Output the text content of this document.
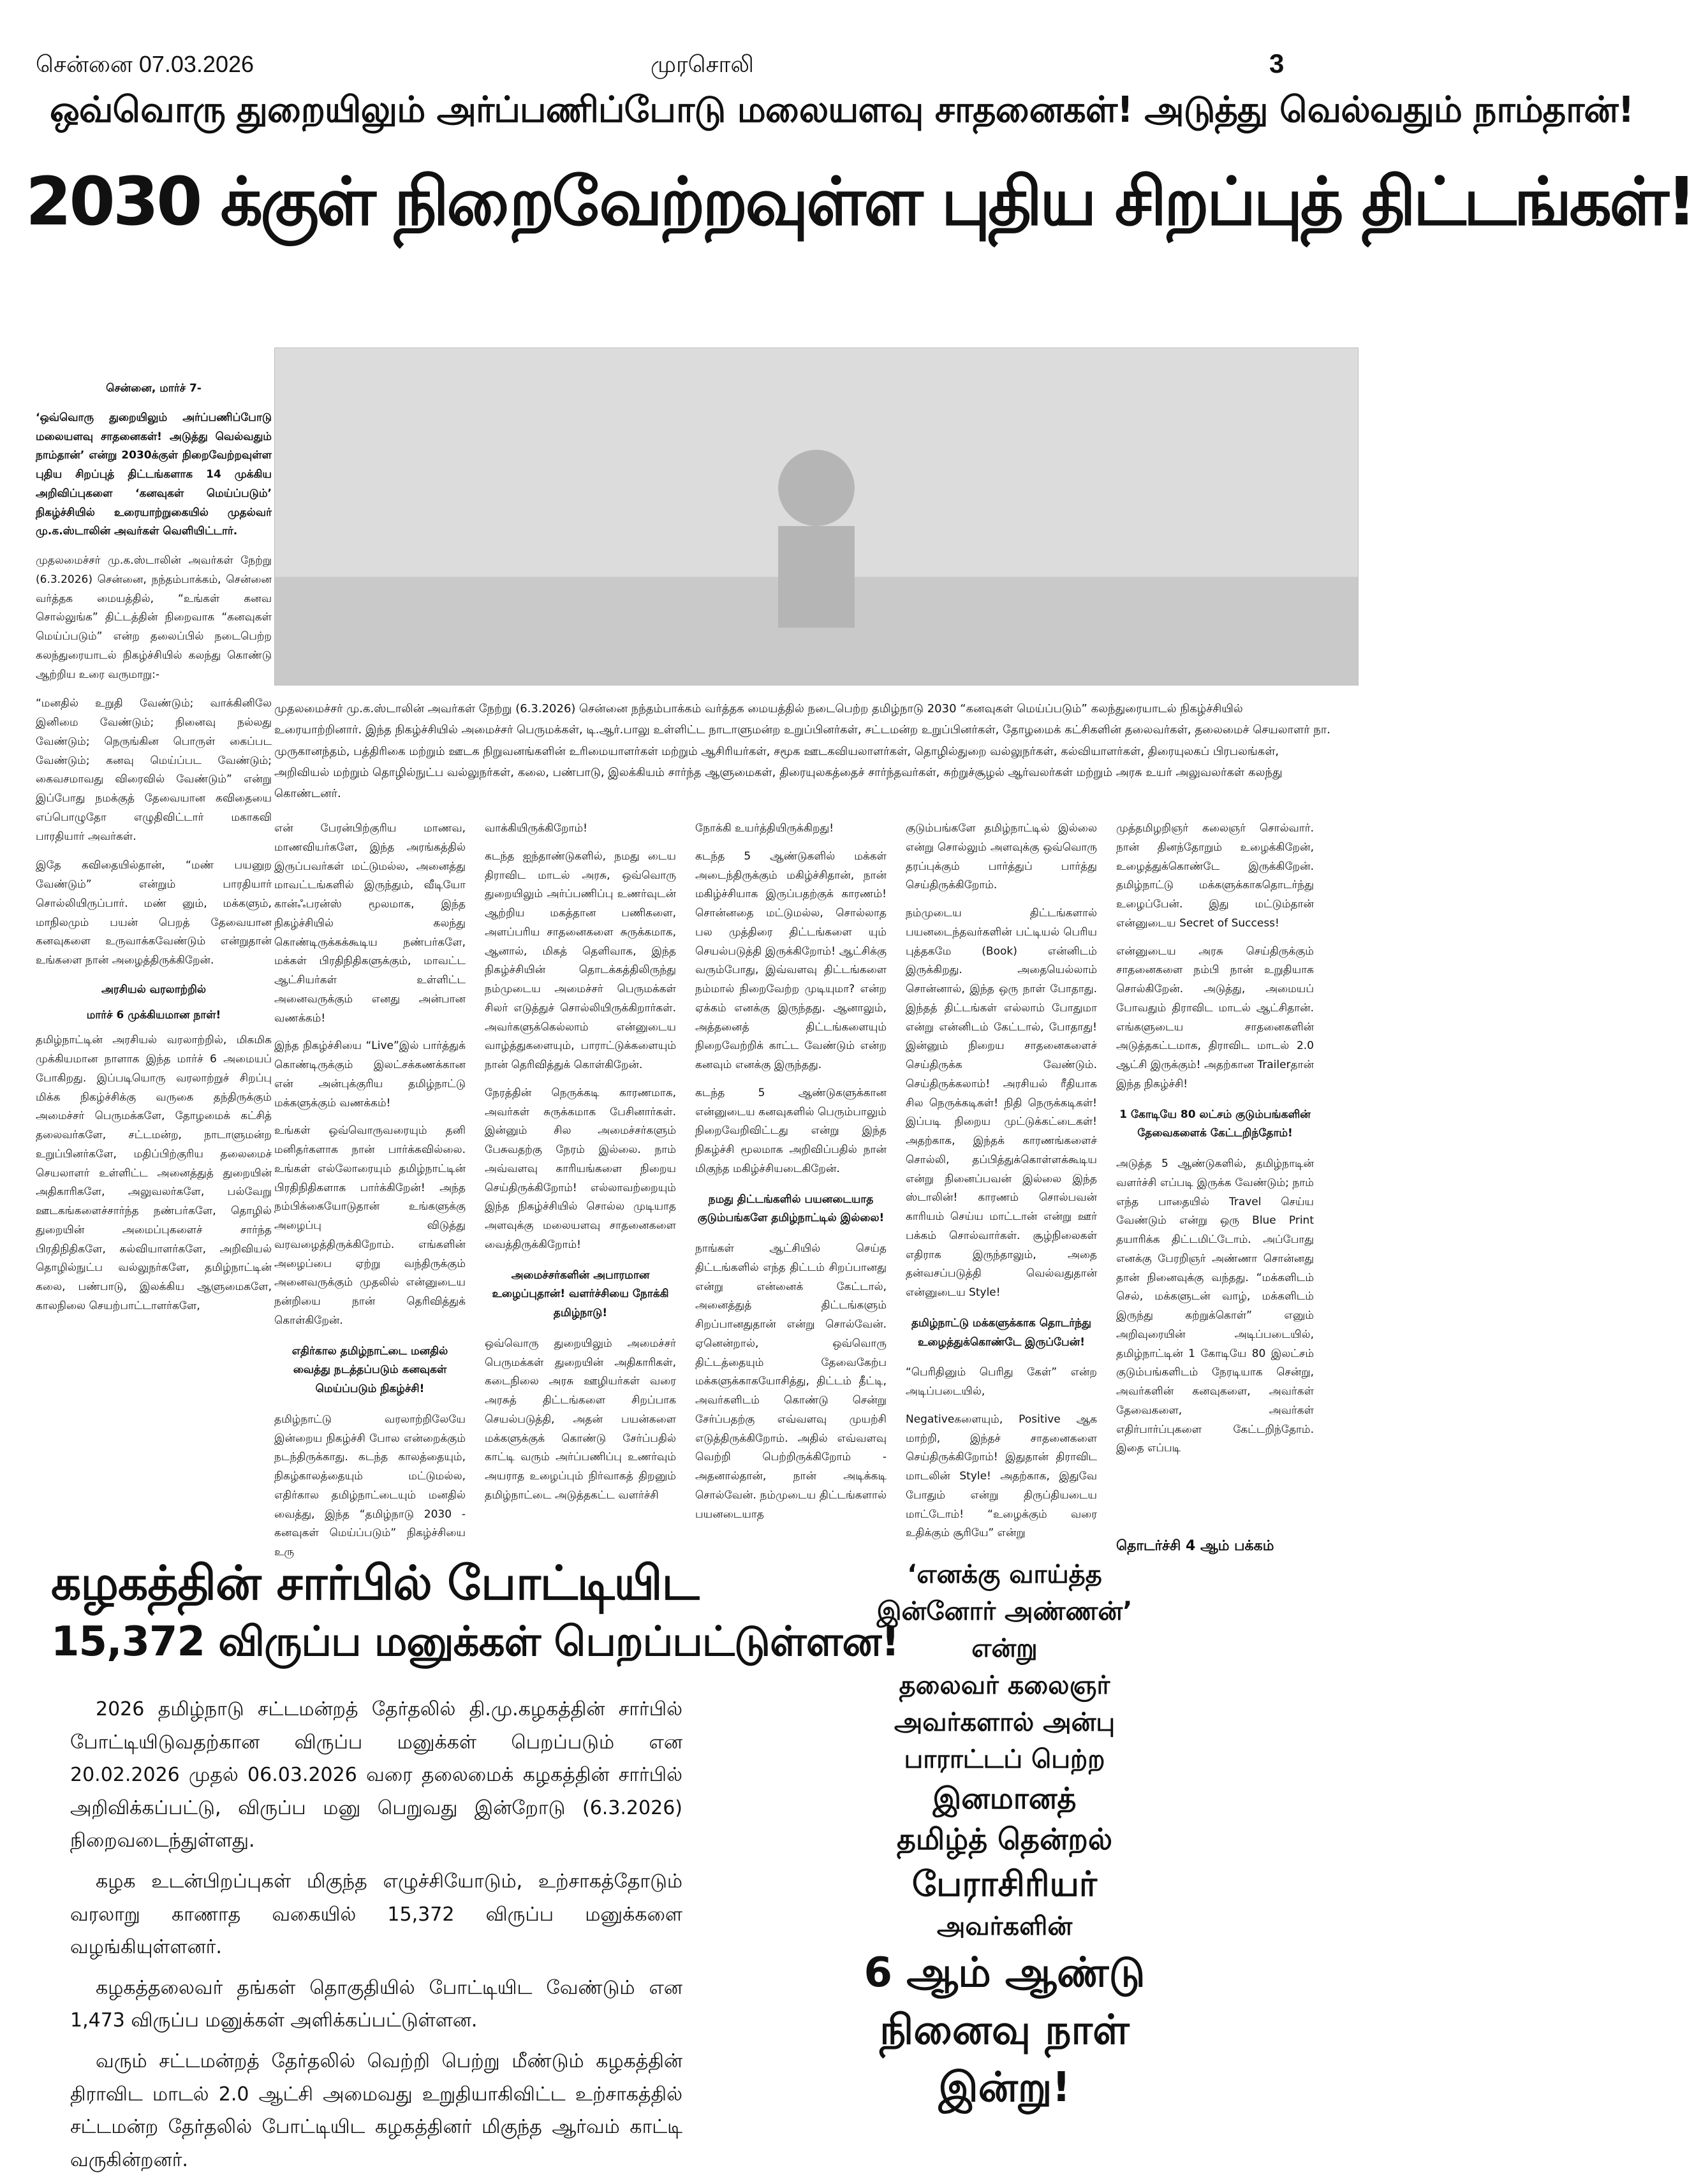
சென்னை 07.03.2026	முரசொலி	3
ஒவ்வொரு துறையிலும் அர்ப்பணிப்போடு மலையளவு சாதனைகள்! அடுத்து வெல்வதும் நாம்தான்!
2030 க்குள் நிறைவேற்றவுள்ள புதிய சிறப்புத் திட்டங்கள்!
சென்னை, மார்ச் 7-
‘ஒவ்வொரு துறையிலும் அர்ப்பணிப்போடு மலையளவு சாதனைகள்! அடுத்து வெல்வதும் நாம்தான்’ என்று 2030க்குள் நிறைவேற்றவுள்ள புதிய சிறப்புத் திட்டங்களாக 14 முக்கிய அறிவிப்புகளை ‘கனவுகள் மெய்ப்படும்’ நிகழ்ச்சியில் உரையாற்றுகையில் முதல்வர் மு.க.ஸ்டாலின் அவர்கள் வெளியிட்டார்.
முதலமைச்சர் மு.க.ஸ்டாலின் அவர்கள் நேற்று (6.3.2026) சென்னை, நந்தம்பாக்கம், சென்னை வர்த்தக மையத்தில், “உங்கள் கனவ சொல்லுங்க” திட்டத்தின் நிறைவாக “கனவுகள் மெய்ப்படும்” என்ற தலைப்பில் நடைபெற்ற கலந்துரையாடல் நிகழ்ச்சியில் கலந்து கொண்டு ஆற்றிய உரை வருமாறு:-
“மனதில் உறுதி வேண்டும்; வாக்கினிலே இனிமை வேண்டும்; நினைவு நல்லது வேண்டும்; நெருங்கின பொருள் கைப்பட வேண்டும்; கனவு மெய்ப்பட வேண்டும்; கைவசமாவது விரைவில் வேண்டும்” என்று இப்போது நமக்குத் தேவையான கவிதையை எப்பொழுதோ எழுதிவிட்டார் மகாகவி பாரதியார் அவர்கள்.
இதே கவிதையில்தான், “மண் பயனுற வேண்டும்” என்றும் பாரதியார் சொல்லியிருப்பார். மண் னும், மக்களும், மாநிலமும் பயன் பெறத் தேவையான கனவுகளை உருவாக்கவேண்டும் என்றுதான் உங்களை நான் அழைத்திருக்கிறேன்.
அரசியல் வரலாற்றில்
மார்ச் 6 முக்கியமான நாள்!
தமிழ்நாட்டின் அரசியல் வரலாற்றில், மிகமிக முக்கியமான நாளாக இந்த மார்ச் 6 அமையப் போகிறது. இப்படியொரு வரலாற்றுச் சிறப்பு மிக்க நிகழ்ச்சிக்கு வருகை தந்திருக்கும் அமைச்சர் பெருமக்களே, தோழமைக் கட்சித் தலைவர்களே, சட்டமன்ற, நாடாளுமன்ற உறுப்பினர்களே, மதிப்பிற்குரிய தலைமைச் செயலாளர் உள்ளிட்ட அனைத்துத் துறையின் அதிகாரிகளே, அலுவலர்களே, பல்வேறு ஊடகங்களைச்சார்ந்த நண்பர்களே, தொழில் துறையின் அமைப்புகளைச் சார்ந்த பிரதிநிதிகளே, கல்வியாளர்களே, அறிவியல் தொழில்நுட்ப வல்லுநர்களே, தமிழ்நாட்டின் கலை, பண்பாடு, இலக்கிய ஆளுமைகளே, காலநிலை செயற்பாட்டாளர்களே,
முதலமைச்சர் மு.க.ஸ்டாலின் அவர்கள் நேற்று (6.3.2026) சென்னை நந்தம்பாக்கம் வர்த்தக மையத்தில் நடைபெற்ற தமிழ்நாடு 2030 “கனவுகள் மெய்ப்படும்” கலந்துரையாடல் நிகழ்ச்சியில் உரையாற்றினார். இந்த நிகழ்ச்சியில் அமைச்சர் பெருமக்கள், டி.ஆர்.பாலு உள்ளிட்ட நாடாளுமன்ற உறுப்பினர்கள், சட்டமன்ற உறுப்பினர்கள், தோழமைக் கட்சிகளின் தலைவர்கள், தலைமைச் செயலாளர் நா. முருகானந்தம், பத்திரிகை மற்றும் ஊடக நிறுவனங்களின் உரிமையாளர்கள் மற்றும் ஆசிரியர்கள், சமூக ஊடகவியலாளர்கள், தொழில்துறை வல்லுநர்கள், கல்வியாளர்கள், திரையுலகப் பிரபலங்கள், அறிவியல் மற்றும் தொழில்நுட்ப வல்லுநர்கள், கலை, பண்பாடு, இலக்கியம் சார்ந்த ஆளுமைகள், திரையுலகத்தைச் சார்ந்தவர்கள், சுற்றுச்சூழல் ஆர்வலர்கள் மற்றும் அரசு உயர் அலுவலர்கள் கலந்து கொண்டனர்.
என் பேரன்பிற்குரிய மாணவ, மாணவியர்களே, இந்த அரங்கத்தில் இருப்பவர்கள் மட்டுமல்ல, அனைத்து மாவட்டங்களில் இருந்தும், வீடியோ கான்ஃபரன்ஸ் மூலமாக, இந்த நிகழ்ச்சியில் கலந்து கொண்டிருக்கக்கூடிய நண்பர்களே, மக்கள் பிரதிநிதிகளுக்கும், மாவட்ட ஆட்சியர்கள் உள்ளிட்ட அனைவருக்கும் எனது அன்பான வணக்கம்!
இந்த நிகழ்ச்சியை “Live”இல் பார்த்துக் கொண்டிருக்கும் இலட்சக்கணக்கான என் அன்புக்குரிய தமிழ்நாட்டு மக்களுக்கும் வணக்கம்!
உங்கள் ஒவ்வொருவரையும் தனி மனிதர்களாக நான் பார்க்கவில்லை. உங்கள் எல்லோரையும் தமிழ்நாட்டின் பிரதிநிதிகளாக பார்க்கிறேன்! அந்த நம்பிக்கையோடுதான் உங்களுக்கு அழைப்பு விடுத்து வரவழைத்திருக்கிறோம். எங்களின் அழைப்பை ஏற்று வந்திருக்கும் அனைவருக்கும் முதலில் என்னுடைய நன்றியை நான் தெரிவித்துக் கொள்கிறேன்.
எதிர்கால தமிழ்நாட்டை மனதில் வைத்து நடத்தப்படும் கனவுகள் மெய்ப்படும் நிகழ்ச்சி!
தமிழ்நாட்டு வரலாற்றிலேயே இன்றைய நிகழ்ச்சி போல என்றைக்கும் நடந்திருக்காது. கடந்த காலத்தையும், நிகழ்காலத்தையும் மட்டுமல்ல, எதிர்கால தமிழ்நாட்டையும் மனதில் வைத்து, இந்த “தமிழ்நாடு 2030 - கனவுகள் மெய்ப்படும்” நிகழ்ச்சியை உரு
வாக்கியிருக்கிறோம்!
கடந்த ஐந்தாண்டுகளில், நமது டைய திராவிட மாடல் அரசு, ஒவ்வொரு துறையிலும் அர்ப்பணிப்பு உணர்வுடன் ஆற்றிய மகத்தான பணிகளை, அளப்பரிய சாதனைகளை சுருக்கமாக, ஆனால், மிகத் தெளிவாக, இந்த நிகழ்ச்சியின் தொடக்கத்திலிருந்து நம்முடைய அமைச்சர் பெருமக்கள் சிலர் எடுத்துச் சொல்லியிருக்கிறார்கள். அவர்களுக்கெல்லாம் என்னுடைய வாழ்த்துகளையும், பாராட்டுக்களையும் நான் தெரிவித்துக் கொள்கிறேன்.
நேரத்தின் நெருக்கடி காரணமாக, அவர்கள் சுருக்கமாக பேசினார்கள். இன்னும் சில அமைச்சர்களும் பேசுவதற்கு நேரம் இல்லை. நாம் அவ்வளவு காரியங்களை நிறைய செய்திருக்கிறோம்! எல்லாவற்றையும் இந்த நிகழ்ச்சியில் சொல்ல முடியாத அளவுக்கு மலையளவு சாதனைகளை வைத்திருக்கிறோம்!
அமைச்சர்களின் அபாரமான உழைப்புதான்! வளர்ச்சியை நோக்கி தமிழ்நாடு!
ஒவ்வொரு துறையிலும் அமைச்சர் பெருமக்கள் துறையின் அதிகாரிகள், கடைநிலை அரசு ஊழியர்கள் வரை அரசுத் திட்டங்களை சிறப்பாக செயல்படுத்தி, அதன் பயன்களை மக்களுக்குக் கொண்டு சேர்ப்பதில் காட்டி வரும் அர்ப்பணிப்பு உணர்வும் அயராத உழைப்பும் நிர்வாகத் திறனும் தமிழ்நாட்டை அடுத்தகட்ட வளர்ச்சி
நோக்கி உயர்த்தியிருக்கிறது!
கடந்த 5 ஆண்டுகளில் மக்கள் அடைந்திருக்கும் மகிழ்ச்சிதான், நான் மகிழ்ச்சியாக இருப்பதற்குக் காரணம்! சொன்னதை மட்டுமல்ல, சொல்லாத பல முத்திரை திட்டங்களை யும் செயல்படுத்தி இருக்கிறோம்! ஆட்சிக்கு வரும்போது, இவ்வளவு திட்டங்களை நம்மால் நிறைவேற்ற முடியுமா? என்ற ஏக்கம் எனக்கு இருந்தது. ஆனாலும், அத்தனைத் திட்டங்களையும் நிறைவேற்றிக் காட்ட வேண்டும் என்ற கனவும் எனக்கு இருந்தது.
கடந்த 5 ஆண்டுகளுக்கான என்னுடைய கனவுகளில் பெரும்பாலும் நிறைவேறிவிட்டது என்று இந்த நிகழ்ச்சி மூலமாக அறிவிப்பதில் நான் மிகுந்த மகிழ்ச்சியடைகிறேன்.
நமது திட்டங்களில் பயனடையாத குடும்பங்களே தமிழ்நாட்டில் இல்லை!
நாங்கள் ஆட்சியில் செய்த திட்டங்களில் எந்த திட்டம் சிறப்பானது என்று என்னைக் கேட்டால், அனைத்துத் திட்டங்களும் சிறப்பானதுதான் என்று சொல்வேன். ஏனென்றால், ஒவ்வொரு திட்டத்தையும் தேவைகேற்ப மக்களுக்காகயோசித்து, திட்டம் தீட்டி, அவர்களிடம் கொண்டு சென்று சேர்ப்பதற்கு எவ்வளவு முயற்சி எடுத்திருக்கிறோம். அதில் எவ்வளவு வெற்றி பெற்றிருக்கிறோம் - அதனால்தான், நான் அடிக்கடி சொல்வேன். நம்முடைய திட்டங்களால் பயனடையாத
குடும்பங்களே தமிழ்நாட்டில் இல்லை என்று சொல்லும் அளவுக்கு ஒவ்வொரு தரப்புக்கும் பார்த்துப் பார்த்து செய்திருக்கிறோம்.
நம்முடைய திட்டங்களால் பயனடைந்தவர்களின் பட்டியல் பெரிய புத்தகமே (Book) என்னிடம் இருக்கிறது. அதையெல்லாம் சொன்னால், இந்த ஒரு நாள் போதாது. இந்தத் திட்டங்கள் எல்லாம் போதுமா என்று என்னிடம் கேட்டால், போதாது! இன்னும் நிறைய சாதனைகளைச் செய்திருக்க வேண்டும். செய்திருக்கலாம்! அரசியல் ரீதியாக சில நெருக்கடிகள்! நிதி நெருக்கடிகள்! இப்படி நிறைய முட்டுக்கட்டைகள்! அதற்காக, இந்தக் காரணங்களைச் சொல்லி, தப்பித்துக்கொள்ளக்கூடிய என்று நினைப்பவன் இல்லை இந்த ஸ்டாலின்! காரணம் சொல்பவன் காரியம் செய்ய மாட்டான் என்று ஊர் பக்கம் சொல்வார்கள். சூழ்நிலைகள் எதிராக இருந்தாலும், அதை தன்வசப்படுத்தி வெல்வதுதான் என்னுடைய Style!
தமிழ்நாட்டு மக்களுக்காக தொடர்ந்து உழைத்துக்கொண்டே இருப்பேன்!
“பெரிதினும் பெரிது கேள்” என்ற அடிப்படையில்,
Negativeகளையும், Positive ஆக மாற்றி, இந்தச் சாதனைகளை செய்திருக்கிறோம்! இதுதான் திராவிட மாடலின் Style! அதற்காக, இதுவே போதும் என்று திருப்தியடைய மாட்டோம்! “உழைக்கும் வரை உதிக்கும் சூரியே” என்று
முத்தமிழறிஞர் கலைஞர் சொல்வார். நான் தினந்தோறும் உழைக்கிறேன், உழைத்துக்கொண்டே இருக்கிறேன். தமிழ்நாட்டு மக்களுக்காகதொடர்ந்து உழைப்பேன். இது மட்டும்தான் என்னுடைய Secret of Success!
என்னுடைய அரசு செய்திருக்கும் சாதனைகளை நம்பி நான் உறுதியாக சொல்கிறேன். அடுத்து, அமையப் போவதும் திராவிட மாடல் ஆட்சிதான். எங்களுடைய சாதனைகளின் அடுத்தகட்டமாக, திராவிட மாடல் 2.0 ஆட்சி இருக்கும்! அதற்கான Trailerதான் இந்த நிகழ்ச்சி!
1 கோடியே 80 லட்சம் குடும்பங்களின் தேவைகளைக் கேட்டறிந்தோம்!
அடுத்த 5 ஆண்டுகளில், தமிழ்நாடின் வளர்ச்சி எப்படி இருக்க வேண்டும்; நாம் எந்த பாதையில் Travel செய்ய வேண்டும் என்று ஒரு Blue Print தயாரிக்க திட்டமிட்டோம். அப்போது எனக்கு பேரறிஞர் அண்ணா சொன்னது தான் நினைவுக்கு வந்தது. “மக்களிடம் செல், மக்களுடன் வாழ், மக்களிடம் இருந்து கற்றுக்கொள்” எனும் அறிவுரையின் அடிப்படையில், தமிழ்நாட்டின் 1 கோடியே 80 இலட்சம் குடும்பங்களிடம் நேரடியாக சென்று, அவர்களின் கனவுகளை, அவர்கள் தேவைகளை, அவர்கள் எதிர்பார்ப்புகளை கேட்டறிந்தோம். இதை எப்படி
தொடர்ச்சி 4 ஆம் பக்கம்
கழகத்தின் சார்பில் போட்டியிட
15,372 விருப்ப மனுக்கள் பெறப்பட்டுள்ளன!
2026 தமிழ்நாடு சட்டமன்றத் தேர்தலில் தி.மு.கழகத்தின் சார்பில் போட்டியிடுவதற்கான விருப்ப மனுக்கள் பெறப்படும் என 20.02.2026 முதல் 06.03.2026 வரை தலைமைக் கழகத்தின் சார்பில் அறிவிக்கப்பட்டு, விருப்ப மனு பெறுவது இன்றோடு (6.3.2026) நிறைவடைந்துள்ளது.
கழக உடன்பிறப்புகள் மிகுந்த எழுச்சியோடும், உற்சாகத்தோடும் வரலாறு காணாத வகையில் 15,372 விருப்ப மனுக்களை வழங்கியுள்ளனர்.
கழகத்தலைவர் தங்கள் தொகுதியில் போட்டியிட வேண்டும் என 1,473 விருப்ப மனுக்கள் அளிக்கப்பட்டுள்ளன.
வரும் சட்டமன்றத் தேர்தலில் வெற்றி பெற்று மீண்டும் கழகத்தின் திராவிட மாடல் 2.0 ஆட்சி அமைவது உறுதியாகிவிட்ட உற்சாகத்தில் சட்டமன்ற தேர்தலில் போட்டியிட கழகத்தினர் மிகுந்த ஆர்வம் காட்டி வருகின்றனர்.
‘எனக்கு வாய்த்த
இன்னோர் அண்ணன்’
என்று
தலைவர் கலைஞர்
அவர்களால் அன்பு
பாராட்டப் பெற்ற
இனமானத்
தமிழ்த் தென்றல்
பேராசிரியர்
அவர்களின்
6 ஆம் ஆண்டு
நினைவு நாள்
இன்று!
